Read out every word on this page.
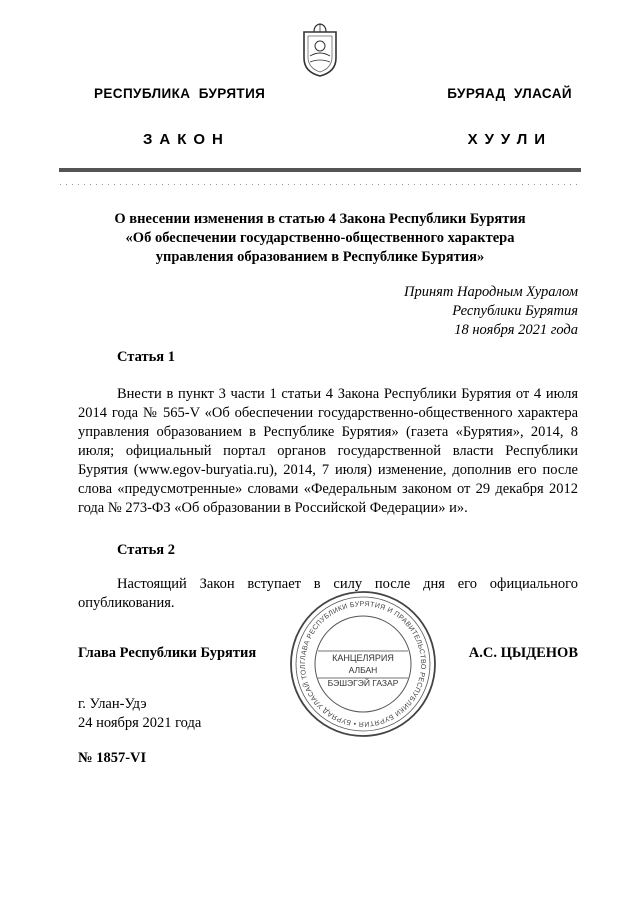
РЕСПУБЛИКА  БУРЯТИЯ	БУРЯАД  УЛАСАЙ
ЗАКОН	ХУУЛИ
О внесении изменения в статью 4 Закона Республики Бурятия
«Об обеспечении государственно-общественного характера
управления образованием в Республике Бурятия»
Принят Народным Хуралом
Республики Бурятия
18 ноября 2021 года
Статья 1
Внести в пункт 3 части 1 статьи 4 Закона Республики Бурятия от 4 июля 2014 года № 565-V «Об обеспечении государственно-общественного характера управления образованием в Республике Бурятия» (газета «Бурятия», 2014, 8 июля; официальный портал органов государственной власти Республики Бурятия (www.egov-buryatia.ru), 2014, 7 июля) изменение, дополнив его после слова «предусмотренные» словами «Федеральным законом от 29 декабря 2012 года № 273-ФЗ «Об образовании в Российской Федерации» и».
Статья 2
Настоящий Закон вступает в силу после дня его официального опубликования.
ГЛАВА РЕСПУБЛИКИ БУРЯТИЯ И ПРАВИТЕЛЬСТВО РЕСПУБЛИКИ БУРЯТИЯ • БУРЯАД УЛАСАЙ ТОЛ
КАНЦЕЛЯРИЯ
АЛБАН
БЭШЭГЭЙ ГАЗАР
Глава Республики Бурятия	А.С. ЦЫДЕНОВ
г. Улан-Удэ
24 ноября 2021 года
№ 1857-VI
